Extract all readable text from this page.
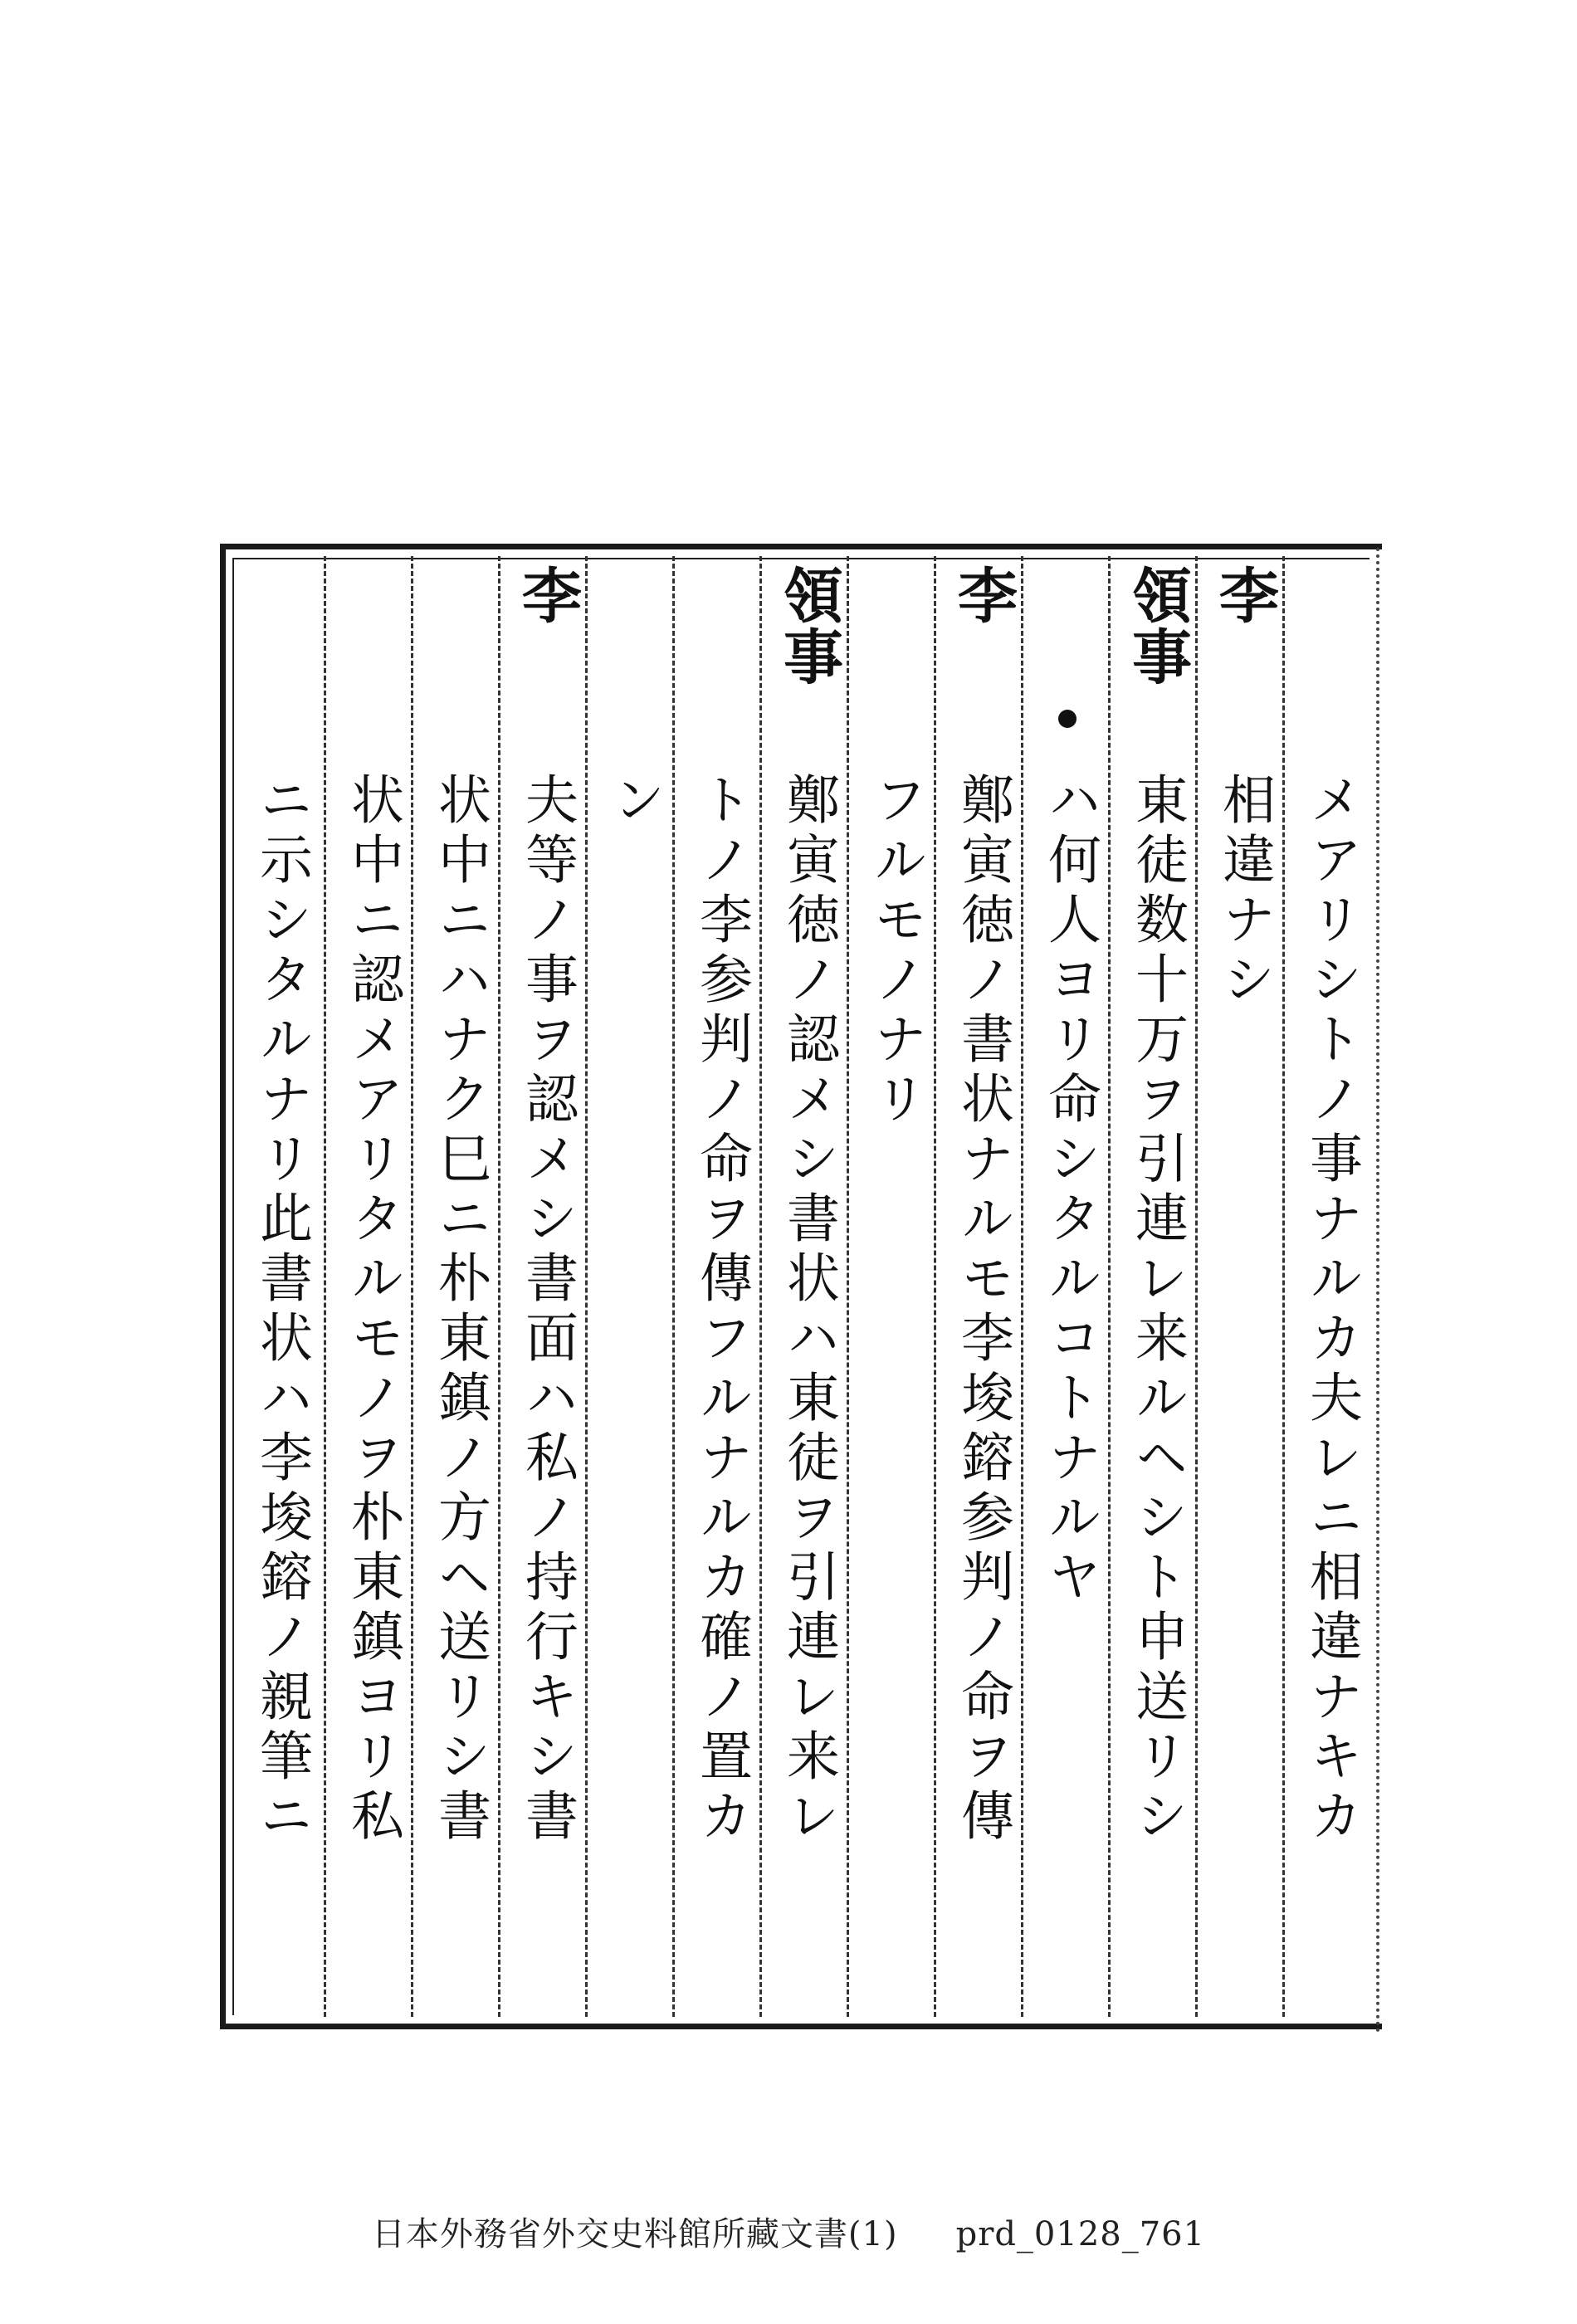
メアリシトノ事ナルカ夫レニ相違ナキカ
李
相違ナシ
領事
東徒数十万ヲ引連レ来ルヘシト申送リシ
ハ何人ヨリ命シタルコトナルヤ
李
鄭寅徳ノ書状ナルモ李埈鎔参判ノ命ヲ傳
フルモノナリ
領事
鄭寅徳ノ認メシ書状ハ東徒ヲ引連レ来レ
トノ李参判ノ命ヲ傳フルナルカ確ノ置カ
ン
李
夫等ノ事ヲ認メシ書面ハ私ノ持行キシ書
状中ニハナク巳ニ朴東鎮ノ方ヘ送リシ書
状中ニ認メアリタルモノヲ朴東鎮ヨリ私
ニ示シタルナリ此書状ハ李埈鎔ノ親筆ニ
日本外務省外交史料館所藏文書(1) prd_0128_761
